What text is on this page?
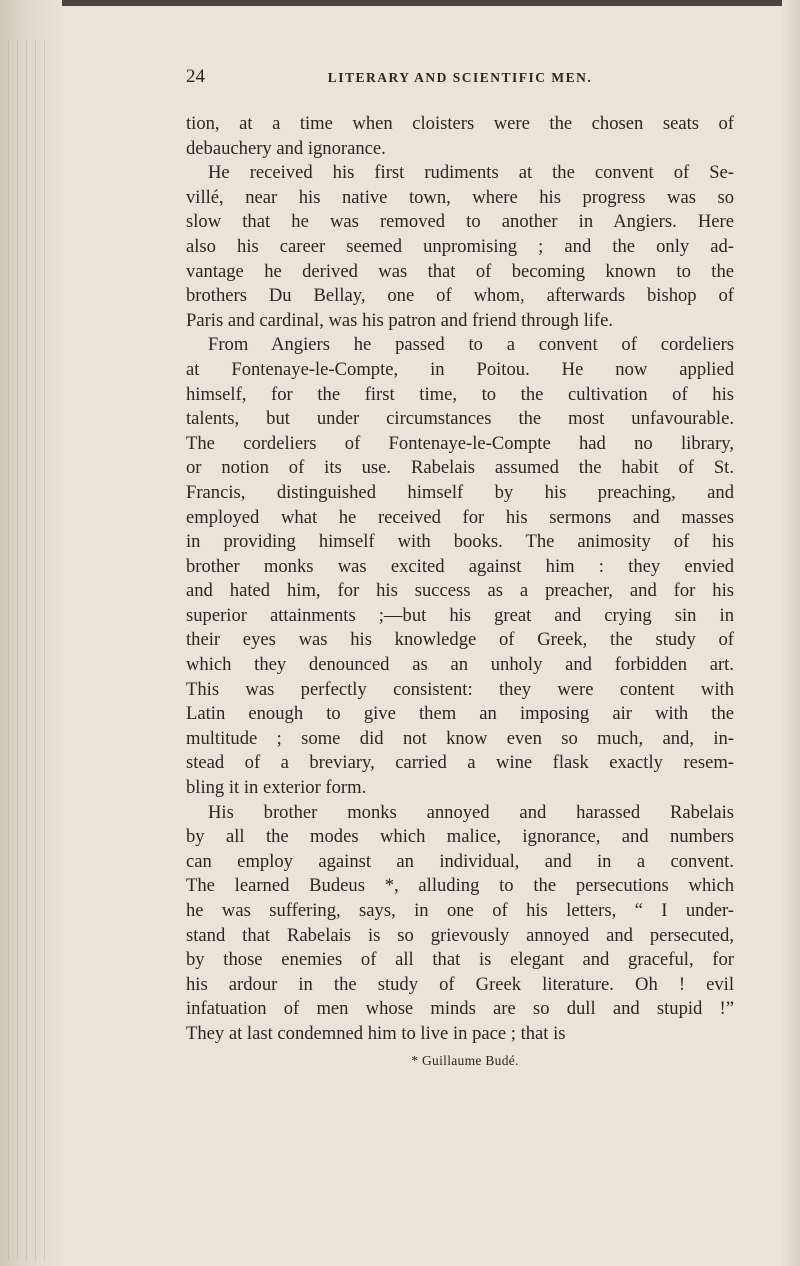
24	LITERARY AND SCIENTIFIC MEN.

tion, at a time when cloisters were the chosen seats of
debauchery and ignorance.

He received his first rudiments at the convent of Se-
villé, near his native town, where his progress was so
slow that he was removed to another in Angiers. Here
also his career seemed unpromising ; and the only ad-
vantage he derived was that of becoming known to the
brothers Du Bellay, one of whom, afterwards bishop of
Paris and cardinal, was his patron and friend through life.

From Angiers he passed to a convent of cordeliers
at Fontenaye-le-Compte, in Poitou. He now applied
himself, for the first time, to the cultivation of his
talents, but under circumstances the most unfavourable.
The cordeliers of Fontenaye-le-Compte had no library,
or notion of its use. Rabelais assumed the habit of St.
Francis, distinguished himself by his preaching, and
employed what he received for his sermons and masses
in providing himself with books. The animosity of his
brother monks was excited against him : they envied
and hated him, for his success as a preacher, and for his
superior attainments ;—but his great and crying sin in
their eyes was his knowledge of Greek, the study of
which they denounced as an unholy and forbidden art.
This was perfectly consistent: they were content with
Latin enough to give them an imposing air with the
multitude ; some did not know even so much, and, in-
stead of a breviary, carried a wine flask exactly resem-
bling it in exterior form.

His brother monks annoyed and harassed Rabelais
by all the modes which malice, ignorance, and numbers
can employ against an individual, and in a convent.
The learned Budeus *, alluding to the persecutions which
he was suffering, says, in one of his letters, “ I under-
stand that Rabelais is so grievously annoyed and persecuted,
by those enemies of all that is elegant and graceful, for
his ardour in the study of Greek literature. Oh ! evil
infatuation of men whose minds are so dull and stupid !”
They at last condemned him to live in pace ; that is

* Guillaume Budé.
